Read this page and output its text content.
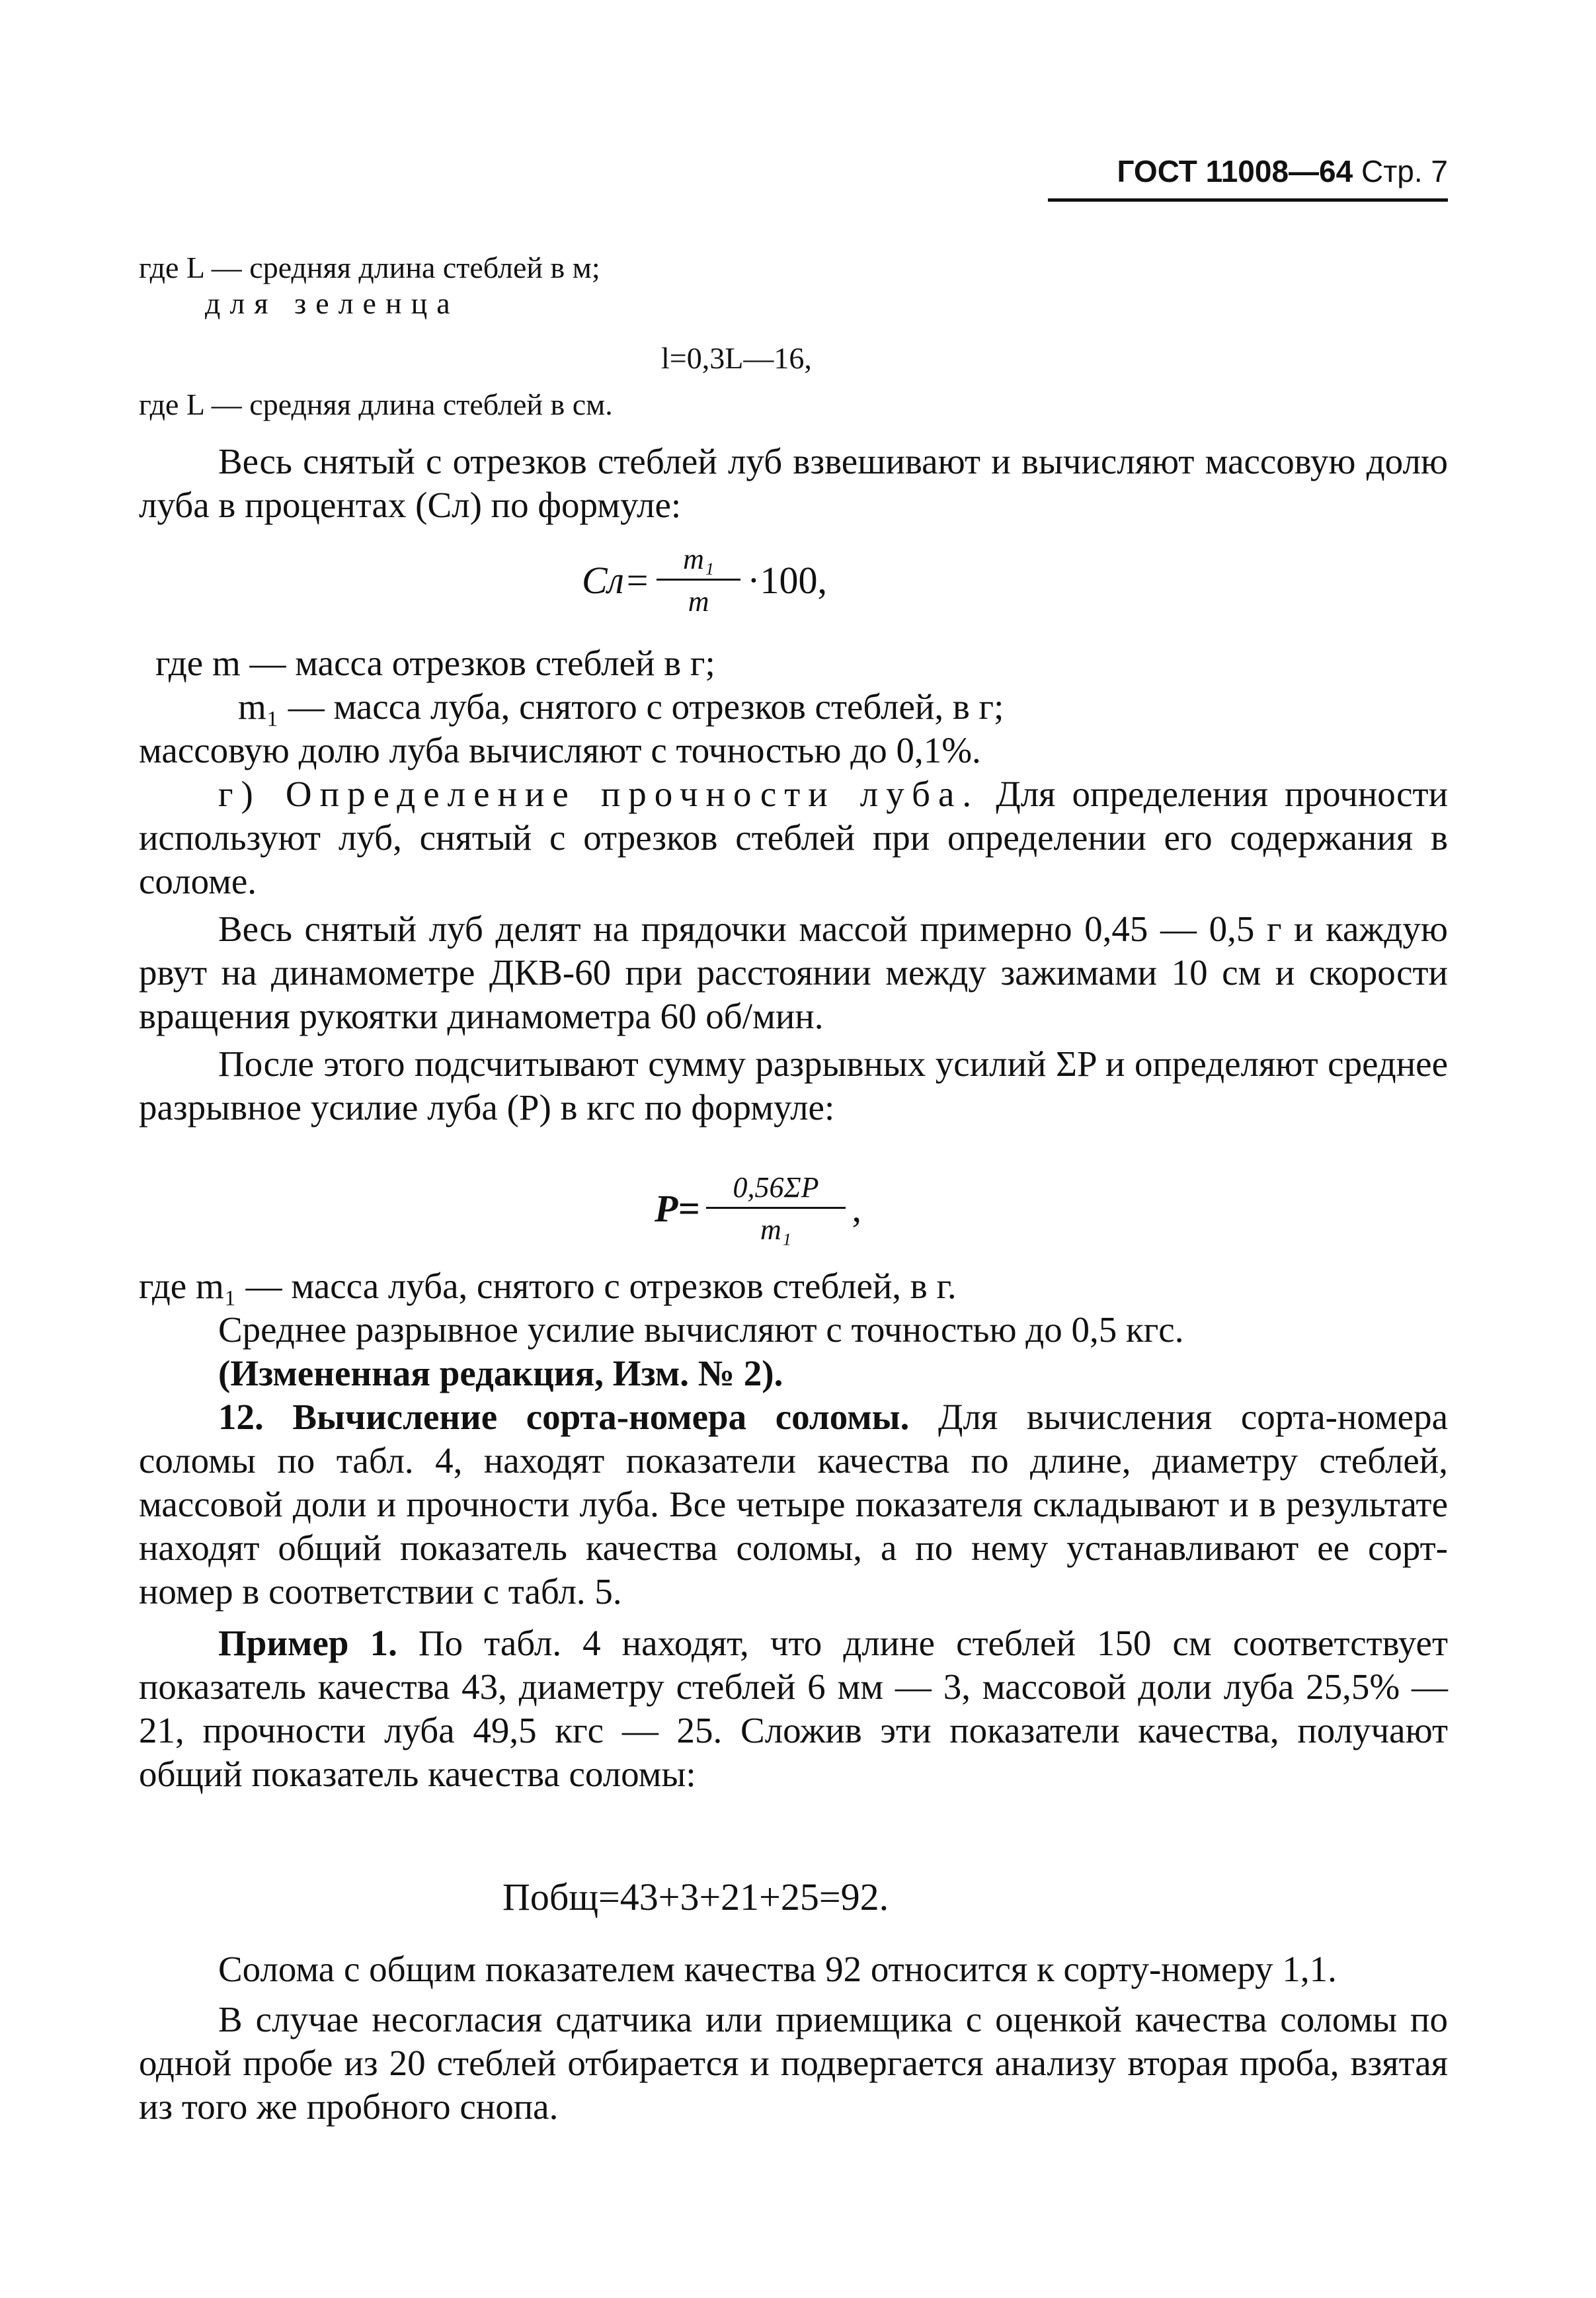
ГОСТ 11008—64 Стр. 7
где L — средняя длина стеблей в м;
для зеленца
l=0,3L—16,
где L — средняя длина стеблей в см.

Весь снятый с отрезков стеблей луб взвешивают и вычисляют массовую долю луба в процентах (Cл) по формуле:

$Cл= \frac{\text{m₁}}{m} \cdot 100$,
где m — масса отрезков стеблей в г;
m₁ — масса луба, снятого с отрезков стеблей, в г;
массовую долю луба вычисляют с точностью до 0,1%.

г) Определение прочности луба. Для определения прочности используют луб, снятый с отрезков стеблей при определении его содержания в соломе.

Весь снятый луб делят на прядочки массой примерно 0,45 — 0,5 г и каждую рвут на динамометре ДКВ-60 при расстоянии между зажимами 10 см и скорости вращения рукоятки динамометра 60 об/мин.

После этого подсчитывают сумму разрывных усилий ΣP и определяют среднее разрывное усилие луба (P) в кгс по формуле:

$P= \frac{0,56\Sigma P}{\text{m₁}}$ ,

где m₁ — масса луба, снятого с отрезков стеблей, в г.

Среднее разрывное усилие вычисляют с точностью до 0,5 кгс.

(Измененная редакция, Изм. № 2).

12. Вычисление сорта-номера соломы. Для вычисления сорта-номера соломы по табл. 4, находят показатели качества по длине, диаметру стеблей, массовой доли и прочности луба. Все четыре показателя складывают и в результате находят общий показатель качества соломы, а по нему устанавливают ее сорт-номер в соответствии с табл. 5.

Пример 1. По табл. 4 находят, что длине стеблей 150 см соответствует показатель качества 43, диаметру стеблей 6 мм — 3, массовой доли луба 25,5% — 21, прочности луба 49,5 кгс — 25. Сложив эти показатели качества, получают общий показатель качества соломы:

Побщ=43+3+21+25=92.

Солома с общим показателем качества 92 относится к сорту-номеру 1,1.

В случае несогласия сдатчика или приемщика с оценкой качества соломы по одной пробе из 20 стеблей отбирается и подвергается анализу вторая проба, взятая из того же пробного снопа.
